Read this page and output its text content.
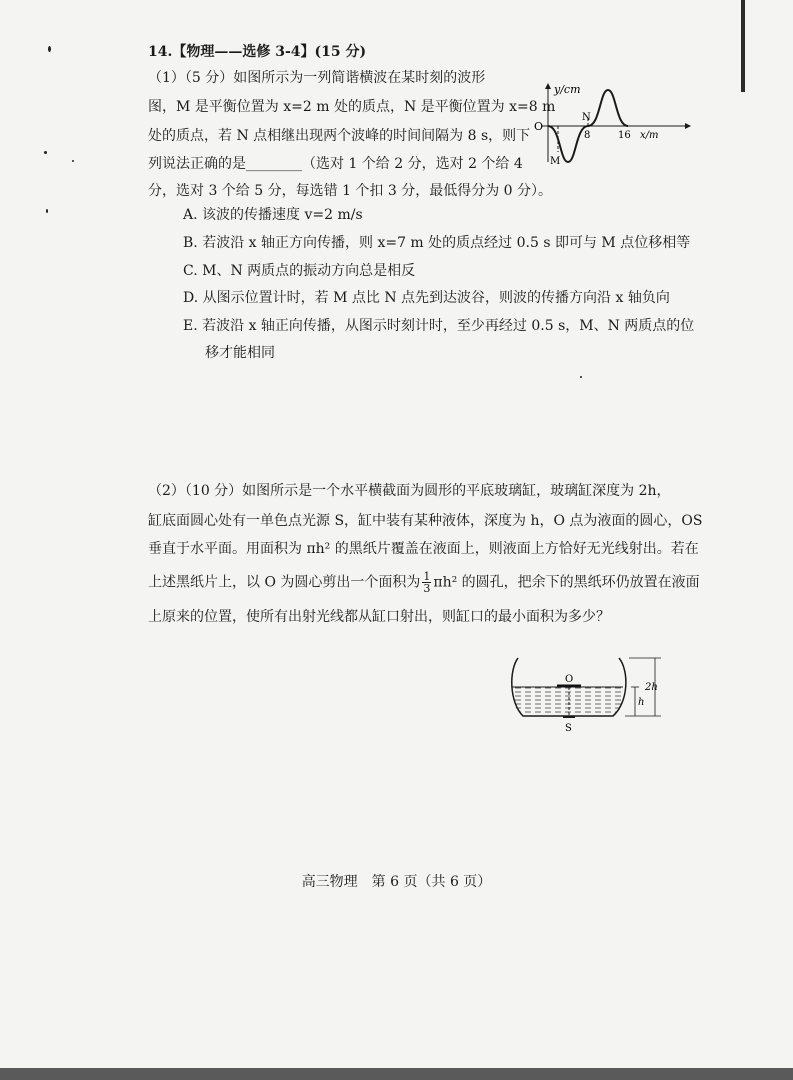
14.【物理——选修 3-4】(15 分)
（1）（5 分）如图所示为一列简谐横波在某时刻的波形
图，M 是平衡位置为 x=2 m 处的质点，N 是平衡位置为 x=8 m
处的质点，若 N 点相继出现两个波峰的时间间隔为 8 s，则下
列说法正确的是________（选对 1 个给 2 分，选对 2 个给 4
分，选对 3 个给 5 分，每选错 1 个扣 3 分，最低得分为 0 分）。
A. 该波的传播速度 v=2 m/s
B. 若波沿 x 轴正方向传播，则 x=7 m 处的质点经过 0.5 s 即可与 M 点位移相等
C. M、N 两质点的振动方向总是相反
D. 从图示位置计时，若 M 点比 N 点先到达波谷，则波的传播方向沿 x 轴负向
E. 若波沿 x 轴正向传播，从图示时刻计时，至少再经过 0.5 s，M、N 两质点的位
移才能相同
y/cm
O
N
8	16 x/m
M
（2）（10 分）如图所示是一个水平横截面为圆形的平底玻璃缸，玻璃缸深度为 2h，
缸底面圆心处有一单色点光源 S，缸中装有某种液体，深度为 h，O 点为液面的圆心，OS
垂直于水平面。用面积为 πh² 的黑纸片覆盖在液面上，则液面上方恰好无光线射出。若在
上述黑纸片上，以 O 为圆心剪出一个面积为 $\frac{1}{3} \pi h^2$ 的圆孔，把余下的黑纸环仍放置在液面
上原来的位置，使所有出射光线都从缸口射出，则缸口的最小面积为多少？
O
S
2h
h
高三物理　第 6 页（共 6 页）
